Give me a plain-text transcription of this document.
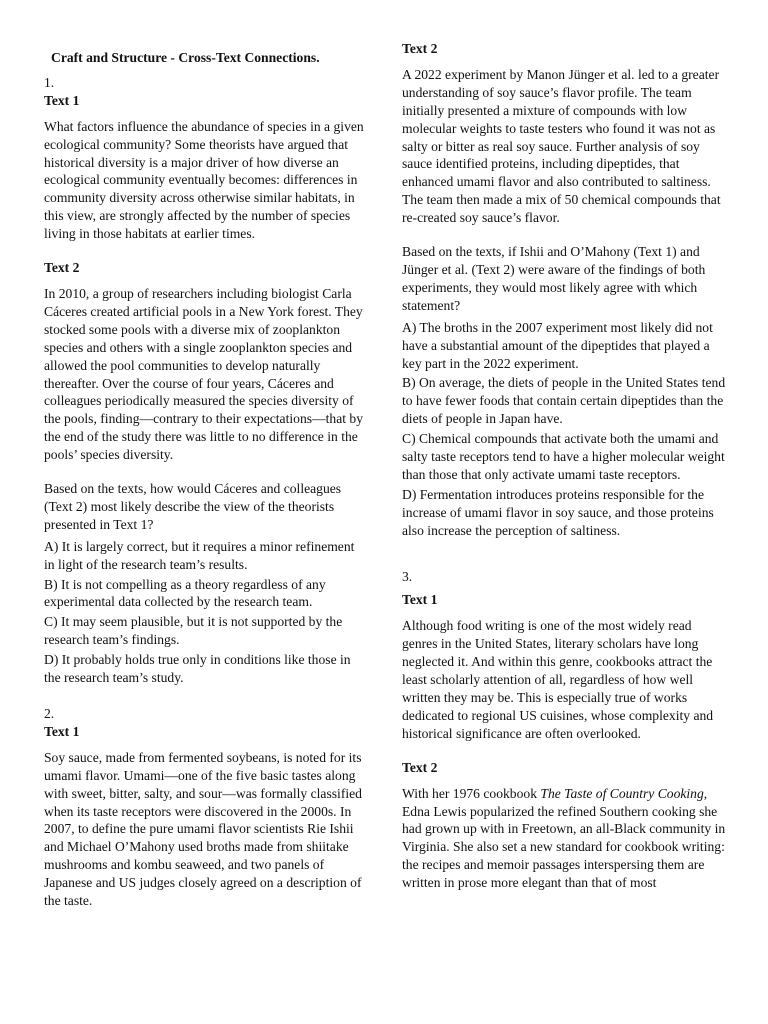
Craft and Structure - Cross-Text Connections.
1.
Text 1

What factors influence the abundance of species in a given ecological community? Some theorists have argued that historical diversity is a major driver of how diverse an ecological community eventually becomes: differences in community diversity across otherwise similar habitats, in this view, are strongly affected by the number of species living in those habitats at earlier times.

Text 2

In 2010, a group of researchers including biologist Carla Cáceres created artificial pools in a New York forest. They stocked some pools with a diverse mix of zooplankton species and others with a single zooplankton species and allowed the pool communities to develop naturally thereafter. Over the course of four years, Cáceres and colleagues periodically measured the species diversity of the pools, finding—contrary to their expectations—that by the end of the study there was little to no difference in the pools’ species diversity.

Based on the texts, how would Cáceres and colleagues (Text 2) most likely describe the view of the theorists presented in Text 1?

A) It is largely correct, but it requires a minor refinement in light of the research team’s results.

B) It is not compelling as a theory regardless of any experimental data collected by the research team.

C) It may seem plausible, but it is not supported by the research team’s findings.

D) It probably holds true only in conditions like those in the research team’s study.

2.
Text 1

Soy sauce, made from fermented soybeans, is noted for its umami flavor. Umami—one of the five basic tastes along with sweet, bitter, salty, and sour—was formally classified when its taste receptors were discovered in the 2000s. In 2007, to define the pure umami flavor scientists Rie Ishii and Michael O’Mahony used broths made from shiitake mushrooms and kombu seaweed, and two panels of Japanese and US judges closely agreed on a description of the taste.

Text 2

A 2022 experiment by Manon Jünger et al. led to a greater understanding of soy sauce’s flavor profile. The team initially presented a mixture of compounds with low molecular weights to taste testers who found it was not as salty or bitter as real soy sauce. Further analysis of soy sauce identified proteins, including dipeptides, that enhanced umami flavor and also contributed to saltiness. The team then made a mix of 50 chemical compounds that re-created soy sauce’s flavor.

Based on the texts, if Ishii and O’Mahony (Text 1) and Jünger et al. (Text 2) were aware of the findings of both experiments, they would most likely agree with which statement?

A) The broths in the 2007 experiment most likely did not have a substantial amount of the dipeptides that played a key part in the 2022 experiment.

B) On average, the diets of people in the United States tend to have fewer foods that contain certain dipeptides than the diets of people in Japan have.

C) Chemical compounds that activate both the umami and salty taste receptors tend to have a higher molecular weight than those that only activate umami taste receptors.

D) Fermentation introduces proteins responsible for the increase of umami flavor in soy sauce, and those proteins also increase the perception of saltiness.

3.
Text 1

Although food writing is one of the most widely read genres in the United States, literary scholars have long neglected it. And within this genre, cookbooks attract the least scholarly attention of all, regardless of how well written they may be. This is especially true of works dedicated to regional US cuisines, whose complexity and historical significance are often overlooked.

Text 2

With her 1976 cookbook The Taste of Country Cooking, Edna Lewis popularized the refined Southern cooking she had grown up with in Freetown, an all-Black community in Virginia. She also set a new standard for cookbook writing: the recipes and memoir passages interspersing them are written in prose more elegant than that of most
